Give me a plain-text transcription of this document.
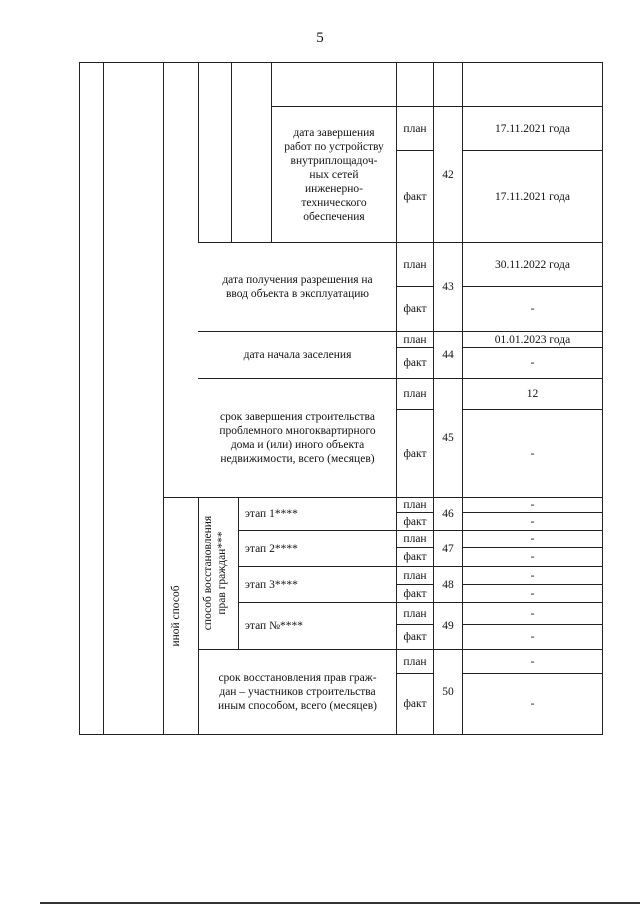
5
дата завершения
работ по устройству
внутриплощадоч-
ных сетей
инженерно-
технического
обеспечения
план
факт
42
17.11.2021 года
17.11.2021 года
дата получения разрешения на
ввод объекта в эксплуатацию
план
факт
43
30.11.2022 года
-
дата начала заселения
план
факт
44
01.01.2023 года
-
срок завершения строительства
проблемного многоквартирного
дома и (или) иного объекта
недвижимости, всего (месяцев)
план
факт
45
12
-
иной способ	способ восстановления
прав граждан***
этап 1****
план
факт
46
-
-
этап 2****
план
факт
47
-
-
этап 3****
план
факт
48
-
-
этап №****
план
факт
49
-
-
срок восстановления прав граж-
дан – участников строительства
иным способом, всего (месяцев)
план
факт
50
-
-
